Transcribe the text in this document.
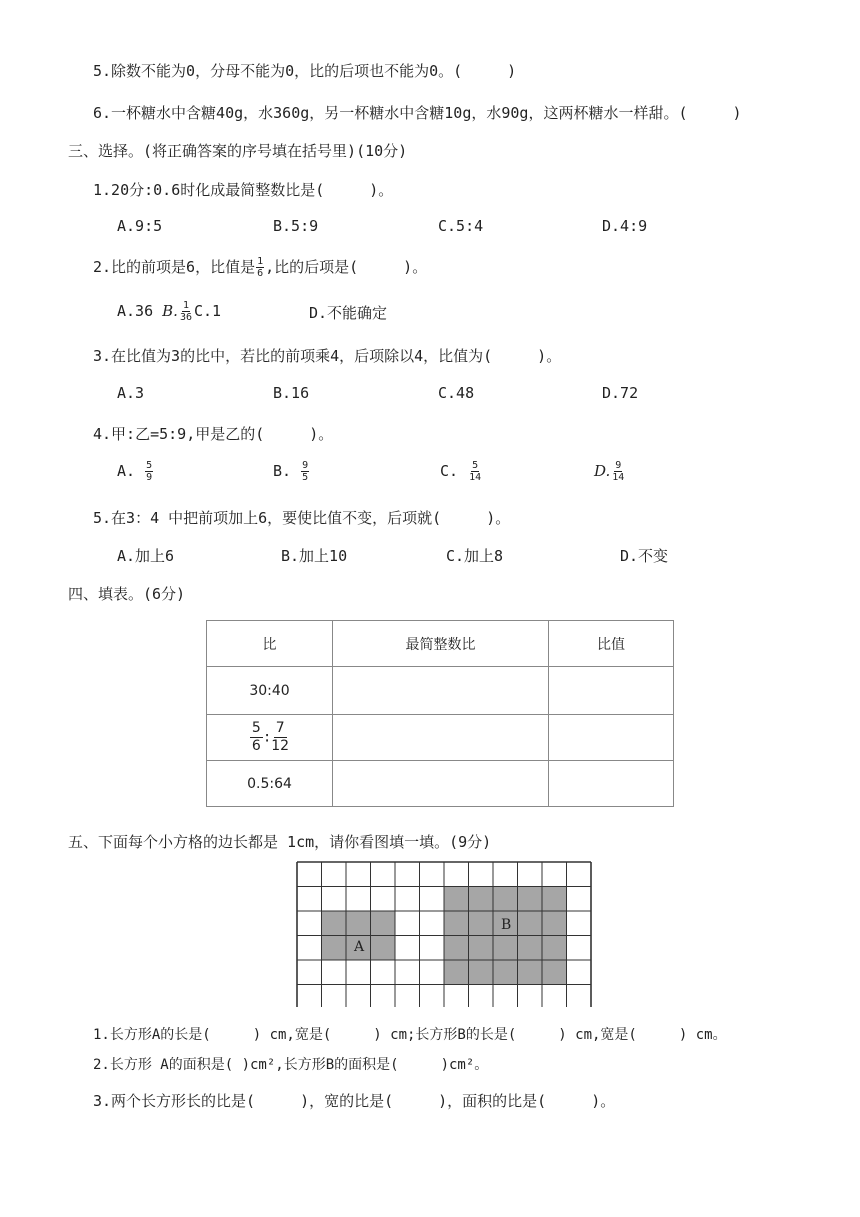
5.除数不能为0，分母不能为0，比的后项也不能为0。(　　　)
6.一杯糖水中含糖40g，水360g，另一杯糖水中含糖10g，水90g，这两杯糖水一样甜。(　　　)
三、选择。(将正确答案的序号填在括号里)(10分)
1.20分:0.6时化成最简整数比是(　　　)。
A.9:5	B.5:9	C.5:4	D.4:9
2.比的前项是6，比值是 $\frac{1}{6}$ ,比的后项是(　　　)。
A.36 B. $\frac{1}{36} C.1$	D.不能确定
3.在比值为3的比中，若比的前项乘4，后项除以4，比值为(　　　)。
A.3	B.16	C.48	D.72
4.甲:乙=5:9,甲是乙的(　　　)。
A. $\frac{5}{9}$	B. $\frac{9}{5}$	C. $\frac{5}{14}$	D. $\frac{9}{14}$
5.在3：4 中把前项加上6，要使比值不变，后项就(　　　)。
A.加上6	B.加上10	C.加上8	D.不变
四、填表。(6分)
比	最简整数比	比值
30:40		

$\frac{5}{6}$ : $\frac{7}{12}$

0.5:64		
五、下面每个小方格的边长都是 1cm，请你看图填一填。(9分)
A
B
1.长方形A的长是(　　　) cm,宽是(　　　) cm;长方形B的长是(　　　) cm,宽是(　　　) cm。
2.长方形 A的面积是( )cm²,长方形B的面积是(　　　)cm²。
3.两个长方形长的比是(　　　)，宽的比是(　　　)，面积的比是(　　　)。
